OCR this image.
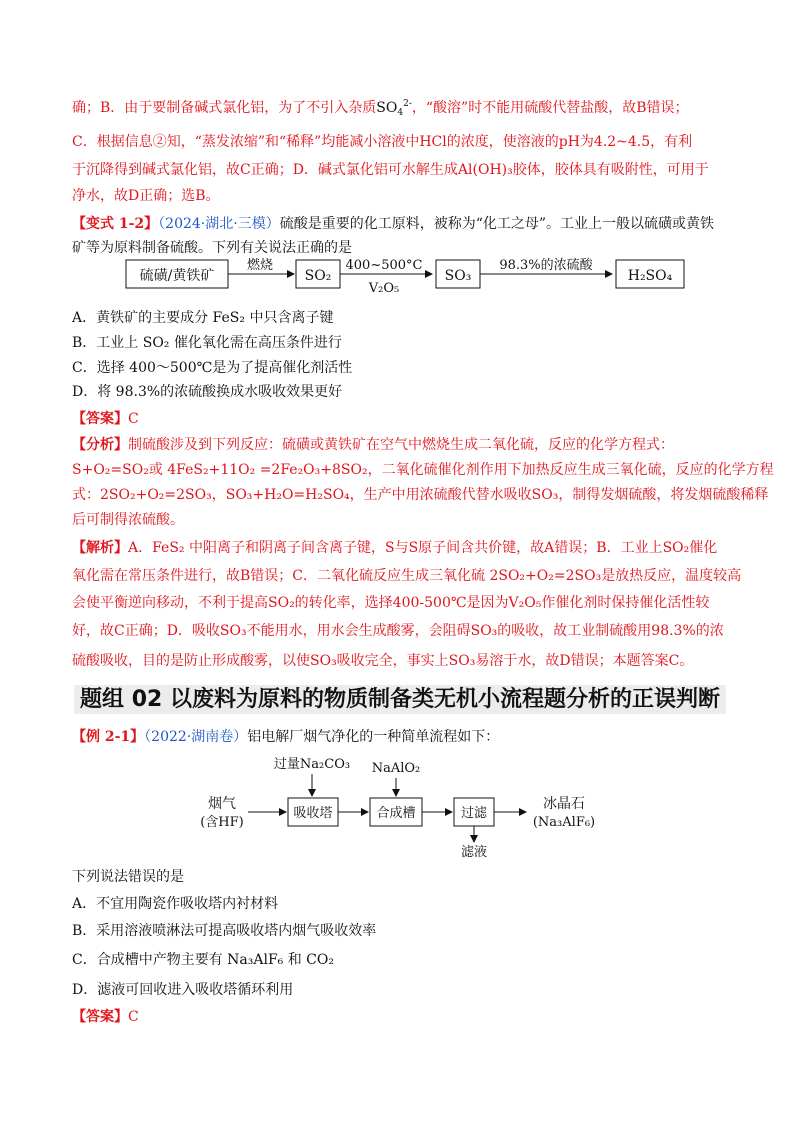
确；B．由于要制备碱式氯化铝，为了不引入杂质$SO_4^{2-}$，“酸溶”时不能用硫酸代替盐酸，故B错误；
C．根据信息②知，“蒸发浓缩”和“稀释”均能减小溶液中HCl的浓度，使溶液的pH为4.2~4.5，有利
于沉降得到碱式氯化铝，故C正确；D．碱式氯化铝可水解生成Al(OH)₃胶体，胶体具有吸附性，可用于
净水，故D正确；选B。
【变式 1-2】（2024·湖北·三模）硫酸是重要的化工原料，被称为“化工之母”。工业上一般以硫磺或黄铁
矿等为原料制备硫酸。下列有关说法正确的是
硫磺/黄铁矿
燃烧
SO₂
400~500°C
V₂O₅
SO₃
98.3%的浓硫酸
H₂SO₄
A．黄铁矿的主要成分 FeS₂ 中只含离子键
B．工业上 SO₂ 催化氧化需在高压条件进行
C．选择 400～500℃是为了提高催化剂活性
D．将 98.3%的浓硫酸换成水吸收效果更好
【答案】C
【分析】制硫酸涉及到下列反应：硫磺或黄铁矿在空气中燃烧生成二氧化硫，反应的化学方程式：
S+O₂=SO₂或 4FeS₂+11O₂ =2Fe₂O₃+8SO₂，二氧化硫催化剂作用下加热反应生成三氧化硫，反应的化学方程
式：2SO₂+O₂=2SO₃，SO₃+H₂O=H₂SO₄，生产中用浓硫酸代替水吸收SO₃，制得发烟硫酸，将发烟硫酸稀释
后可制得浓硫酸。
【解析】A．FeS₂ 中阳离子和阴离子间含离子键，S与S原子间含共价键，故A错误；B．工业上SO₂催化
氧化需在常压条件进行，故B错误；C．二氧化硫反应生成三氧化硫 2SO₂+O₂=2SO₃是放热反应，温度较高
会使平衡逆向移动，不利于提高SO₂的转化率，选择400-500℃是因为V₂O₅作催化剂时保持催化活性较
好，故C正确；D．吸收SO₃不能用水，用水会生成酸雾，会阻碍SO₃的吸收，故工业制硫酸用98.3%的浓
硫酸吸收，目的是防止形成酸雾，以使SO₃吸收完全，事实上SO₃易溶于水，故D错误；本题答案C。
题组 02 以废料为原料的物质制备类无机小流程题分析的正误判断
【例 2-1】（2022·湖南卷）铝电解厂烟气净化的一种简单流程如下：
过量Na₂CO₃ NaAlO₂
烟气
(含HF)
吸收塔	合成槽	过滤
冰晶石
(Na₃AlF₆)
滤液
下列说法错误的是
A．不宜用陶瓷作吸收塔内衬材料
B．采用溶液喷淋法可提高吸收塔内烟气吸收效率
C．合成槽中产物主要有 Na₃AlF₆ 和 CO₂
D．滤液可回收进入吸收塔循环利用
【答案】C
